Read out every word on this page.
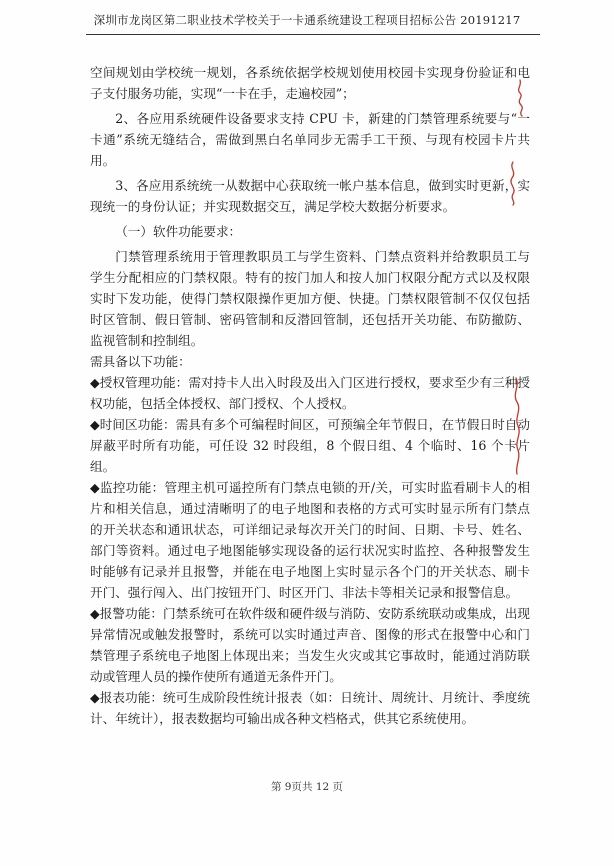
深圳市龙岗区第二职业技术学校关于一卡通系统建设工程项目招标公告 20191217

空间规划由学校统一规划，各系统依据学校规划使用校园卡实现身份验证和电子支付服务功能，实现“一卡在手，走遍校园”；

2、各应用系统硬件设备要求支持 CPU 卡，新建的门禁管理系统要与“一卡通”系统无缝结合，需做到黑白名单同步无需手工干预、与现有校园卡片共用。

3、各应用系统统一从数据中心获取统一帐户基本信息，做到实时更新，实现统一的身份认证；并实现数据交互，满足学校大数据分析要求。

（一）软件功能要求：

门禁管理系统用于管理教职员工与学生资料、门禁点资料并给教职员工与学生分配相应的门禁权限。特有的按门加人和按人加门权限分配方式以及权限实时下发功能，使得门禁权限操作更加方便、快捷。门禁权限管制不仅仅包括时区管制、假日管制、密码管制和反潜回管制，还包括开关功能、布防撤防、监视管制和控制组。

需具备以下功能：

◆授权管理功能：需对持卡人出入时段及出入门区进行授权，要求至少有三种授权功能，包括全体授权、部门授权、个人授权。

◆时间区功能：需具有多个可编程时间区，可预编全年节假日，在节假日时自动屏蔽平时所有功能，可任设 32 时段组，8 个假日组、4 个临时、16 个卡片组。

◆监控功能：管理主机可遥控所有门禁点电锁的开/关，可实时监看刷卡人的相片和相关信息，通过清晰明了的电子地图和表格的方式可实时显示所有门禁点的开关状态和通讯状态，可详细记录每次开关门的时间、日期、卡号、姓名、部门等资料。通过电子地图能够实现设备的运行状况实时监控、各种报警发生时能够有记录并且报警，并能在电子地图上实时显示各个门的开关状态、刷卡开门、强行闯入、出门按钮开门、时区开门、非法卡等相关记录和报警信息。

◆报警功能：门禁系统可在软件级和硬件级与消防、安防系统联动或集成，出现异常情况或触发报警时，系统可以实时通过声音、图像的形式在报警中心和门禁管理子系统电子地图上体现出来；当发生火灾或其它事故时，能通过消防联动或管理人员的操作使所有通道无条件开门。

◆报表功能：统可生成阶段性统计报表（如：日统计、周统计、月统计、季度统计、年统计），报表数据均可输出成各种文档格式，供其它系统使用。

第 9页共 12 页
